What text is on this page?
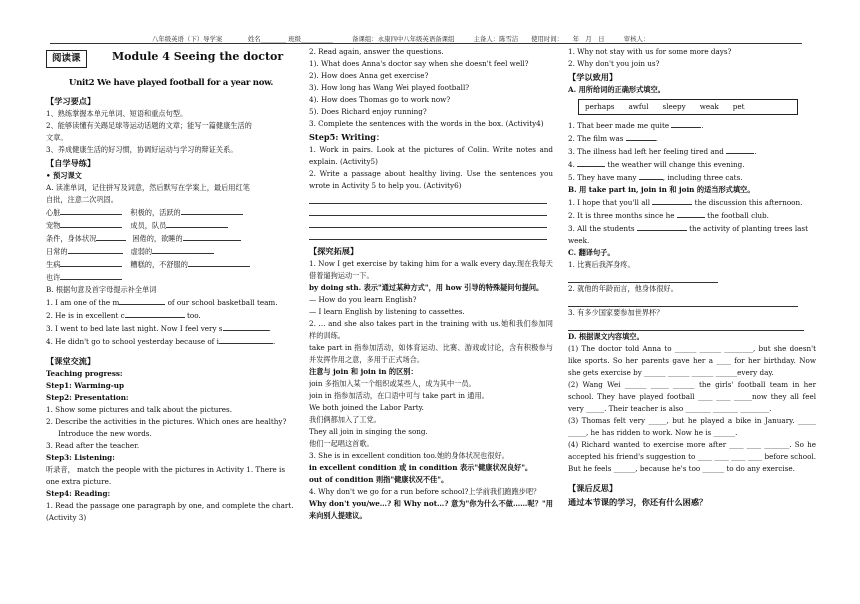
八年级英语（下）导学案　　　　姓名________ 班级__________　　　备课组：永康四中八年级英语备课组　　　主备人：陈雪洁　　使用时间：　　年　月　日　　　审核人：
阅读课	Module 4 Seeing the doctor
Unit2 We have played football for a year now.
【学习要点】
1、熟练掌握本单元单词、短语和重点句型。
2、能够读懂有关踢足球等运动话题的文章；能写一篇健康生活的
文章。
3、养成健康生活的好习惯，协调好运动与学习的辩证关系。
【自学导练】
• 预习课文
A. 读准单词，记住拼写及词意，然后默写在学案上，最后用红笔
自批，注意二次巩固。
心脏	积极的，活跃的
宠物	成员，队员
条件，身体状况	困倦的，欲睡的
日常的	虚弱的
生病	糟糕的，不舒服的
也许
B. 根据句意及首字母提示补全单词
1. I am one of the m	of our school basketball team.
2. He is in excellent c	too.
3. I went to bed late last night. Now I feel very s	.
4. He didn't go to school yesterday because of i	.
【课堂交流】
Teaching progress:
Step1: Warming-up
Step2: Presentation:
1. Show some pictures and talk about the pictures.
2. Describe the activities in the pictures. Which ones are healthy?
Introduce the new words.
3. Read after the teacher.
Step3: Listening:
听录音， match the people with the pictures in Activity 1. There is
one extra picture.
Step4: Reading:
1. Read the passage one paragraph by one, and complete the chart.
(Activity 3)
2. Read again, answer the questions.
1). What does Anna's doctor say when she doesn't feel well?
2). How does Anna get exercise?
3). How long has Wang Wei played football?
4). How does Thomas go to work now?
5). Does Richard enjoy running?
3. Complete the sentences with the words in the box. (Activity4)
Step5: Writing：
1. Work in pairs. Look at the pictures of Colin. Write notes and explain. (Activity5)
2. Write a passage about healthy living. Use the sentences you wrote in Activity 5 to help you. (Activity6)
【探究拓展】
1. Now I get exercise by taking him for a walk every day.现在我每天借着遛狗运动一下。
by doing sth. 表示"通过某种方式"，用 how 引导的特殊疑问句提问。
— How do you learn English?
— I learn English by listening to cassettes.
2. … and she also takes part in the training with us.她和我们参加同样的训练。
take part in 指参加活动，如体育运动、比赛、游戏或讨论，含有积极参与并发挥作用之意，多用于正式场合。
注意与 join 和 join in 的区别：
join 多指加入某一个组织或某些人，成为其中一员。
join in 指参加活动，在口语中可与 take part in 通用。
We both joined the Labor Party.
我们俩都加入了工党。
They all join in singing the song.
他们一起唱这首歌。
3. She is in excellent condition too.她的身体状况也很好。
in excellent condition 或 in condition 表示"健康状况良好"。
out of condition 则指"健康状况不佳"。
4. Why don't we go for a run before school?上学前我们跑跑步吧？
Why don't you/we…? 和 Why not…? 意为"你为什么不做……呢？"用来向别人提建议。
1. Why not stay with us for some more days?
2. Why don't you join us?
【学以致用】
A. 用所给词的正确形式填空。
perhaps awful sleepy weak pet
1. That beer made me quite	.
2. The film was	.
3. The illness had left her feeling tired and	.
4.	the weather will change this evening.
5. They have many	, including three cats.
B. 用 take part in, join in 和 join 的适当形式填空。
1. I hope that you'll all	the discussion this afternoon.
2. It is three months since he	the football club.
3. All the students	the activity of planting trees last
week.
C. 翻译句子。
1. 比赛后我浑身疼。
2. 就他的年龄而言，他身体很好。
3. 有多少国家要参加世界杯？
D. 根据课文内容填空。
(1) The doctor told Anna to ______ ______ ________, but she doesn't like sports. So her parents gave her a ____ for her birthday. Now she gets exercise by ______ ______ ______ ______every day.
(2) Wang Wei ______ _____ ______ the girls' football team in her school. They have played football ____ ____ _____now they all feel very _____. Their teacher is also _______ _______ ________.
(3) Thomas felt very _____, but he played a bike in January. _____ _____, he has ridden to work. Now he is ______.
(4) Richard wanted to exercise more after ____ ____ _______. So he accepted his friend's suggestion to ____ ____ ____ ____ before school. But he feels ______, because he's too ______ to do any exercise.
【课后反思】
通过本节课的学习，你还有什么困惑？
